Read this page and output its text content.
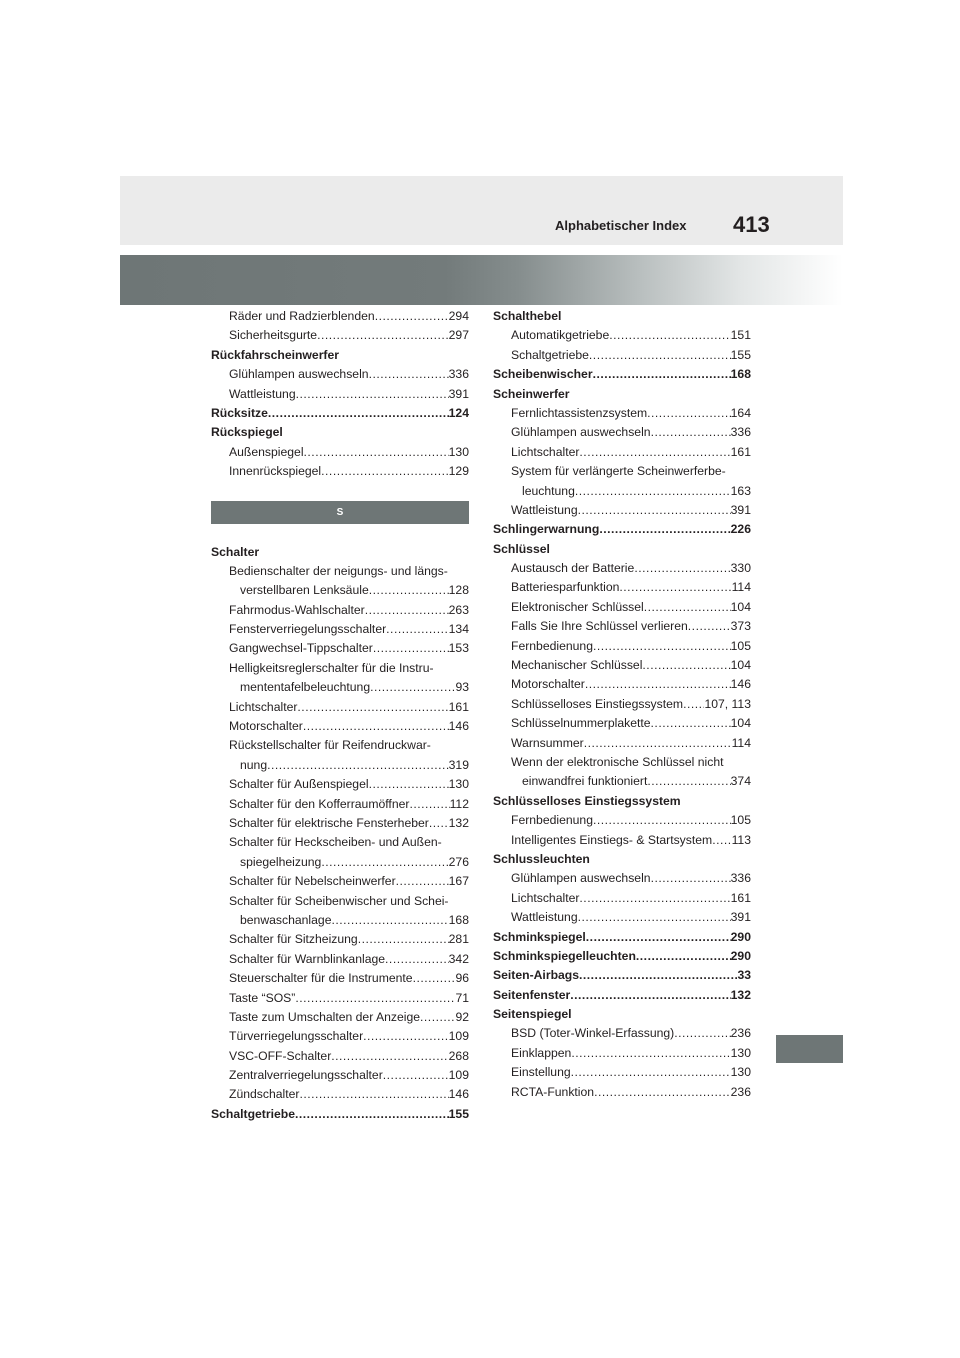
Alphabetischer Index 413
Räder und Radzierblenden .....	294
Sicherheitsgurte .....	297
Rückfahrscheinwerfer
Glühlampen auswechseln .....	336
Wattleistung .....	391
Rücksitze .....	124
Rückspiegel
Außenspiegel .....	130
Innenrückspiegel .....	129
S
Schalter
Bedienschalter der neigungs- und längs-
verstellbaren Lenksäule .....	128
Fahrmodus-Wahlschalter .....	263
Fensterverriegelungsschalter .....	134
Gangwechsel-Tippschalter .....	153
Helligkeitsreglerschalter für die Instru-
mententafelbeleuchtung .....	93
Lichtschalter .....	161
Motorschalter .....	146
Rückstellschalter für Reifendruckwar-
nung .....	319
Schalter für Außenspiegel .....	130
Schalter für den Kofferraumöffner .....	112
Schalter für elektrische Fensterheber ..... 132
Schalter für Heckscheiben- und Außen-
spiegelheizung .....	276
Schalter für Nebelscheinwerfer .....	167
Schalter für Scheibenwischer und Schei-
benwaschanlage .....	168
Schalter für Sitzheizung .....	281
Schalter für Warnblinkanlage .....	342
Steuerschalter für die Instrumente .....	96
Taste “SOS” .....	71
Taste zum Umschalten der Anzeige .....	92
Türverriegelungsschalter .....	109
VSC-OFF-Schalter .....	268
Zentralverriegelungsschalter .....	109
Zündschalter .....	146
Schaltgetriebe .....	155
Schalthebel
Automatikgetriebe .....	151
Schaltgetriebe .....	155
Scheibenwischer .....	168
Scheinwerfer
Fernlichtassistenzsystem .....	164
Glühlampen auswechseln .....	336
Lichtschalter .....	161
System für verlängerte Scheinwerferbe-
leuchtung .....	163
Wattleistung .....	391
Schlingerwarnung .....	226
Schlüssel
Austausch der Batterie .....	330
Batteriesparfunktion .....	114
Elektronischer Schlüssel .....	104
Falls Sie Ihre Schlüssel verlieren .....	373
Fernbedienung .....	105
Mechanischer Schlüssel .....	104
Motorschalter .....	146
Schlüsselloses Einstiegssystem ..... 107, 113
Schlüsselnummerplakette .....	104
Warnsummer .....	114
Wenn der elektronische Schlüssel nicht
einwandfrei funktioniert .....	374
Schlüsselloses Einstiegssystem
Fernbedienung .....	105
Intelligentes Einstiegs- & Startsystem ..... 113
Schlussleuchten
Glühlampen auswechseln .....	336
Lichtschalter .....	161
Wattleistung .....	391
Schminkspiegel .....	290
Schminkspiegelleuchten .....	290
Seiten-Airbags .....	33
Seitenfenster .....	132
Seitenspiegel
BSD (Toter-Winkel-Erfassung) .....	236
Einklappen .....	130
Einstellung .....	130
RCTA-Funktion .....	236
